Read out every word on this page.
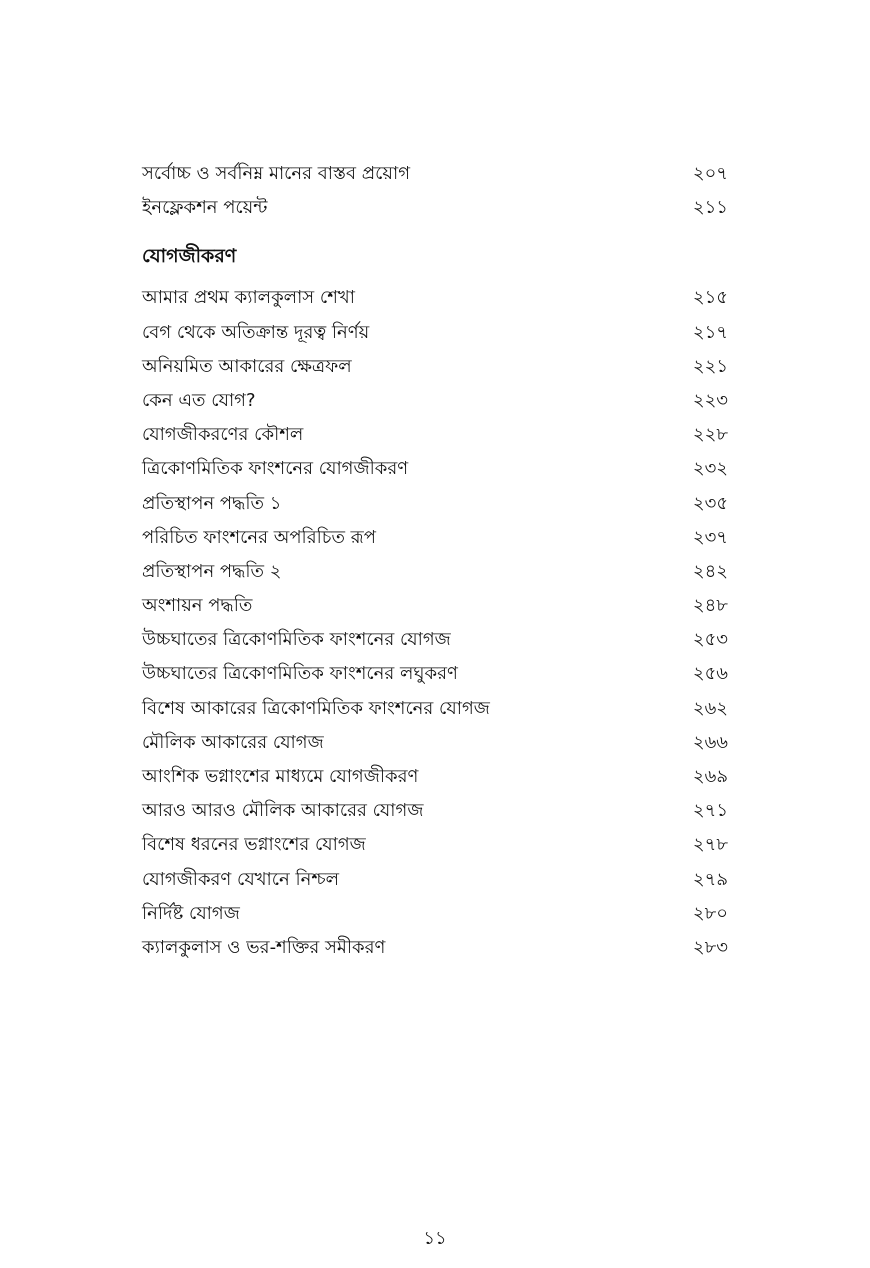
সর্বোচ্চ ও সর্বনিম্ন মানের বাস্তব প্রয়োগ	২০৭
ইনফ্লেকশন পয়েন্ট	২১১
যোগজীকরণ
আমার প্রথম ক্যালকুলাস শেখা	২১৫
বেগ থেকে অতিক্রান্ত দূরত্ব নির্ণয়	২১৭
অনিয়মিত আকারের ক্ষেত্রফল	২২১
কেন এত যোগ?	২২৩
যোগজীকরণের কৌশল	২২৮
ত্রিকোণমিতিক ফাংশনের যোগজীকরণ	২৩২
প্রতিস্থাপন পদ্ধতি ১	২৩৫
পরিচিত ফাংশনের অপরিচিত রূপ	২৩৭
প্রতিস্থাপন পদ্ধতি ২	২৪২
অংশায়ন পদ্ধতি	২৪৮
উচ্চঘাতের ত্রিকোণমিতিক ফাংশনের যোগজ	২৫৩
উচ্চঘাতের ত্রিকোণমিতিক ফাংশনের লঘুকরণ	২৫৬
বিশেষ আকারের ত্রিকোণমিতিক ফাংশনের যোগজ	২৬২
মৌলিক আকারের যোগজ	২৬৬
আংশিক ভগ্নাংশের মাধ্যমে যোগজীকরণ	২৬৯
আরও আরও মৌলিক আকারের যোগজ	২৭১
বিশেষ ধরনের ভগ্নাংশের যোগজ	২৭৮
যোগজীকরণ যেখানে নিশ্চল	২৭৯
নির্দিষ্ট যোগজ	২৮০
ক্যালকুলাস ও ভর-শক্তির সমীকরণ	২৮৩
১১
